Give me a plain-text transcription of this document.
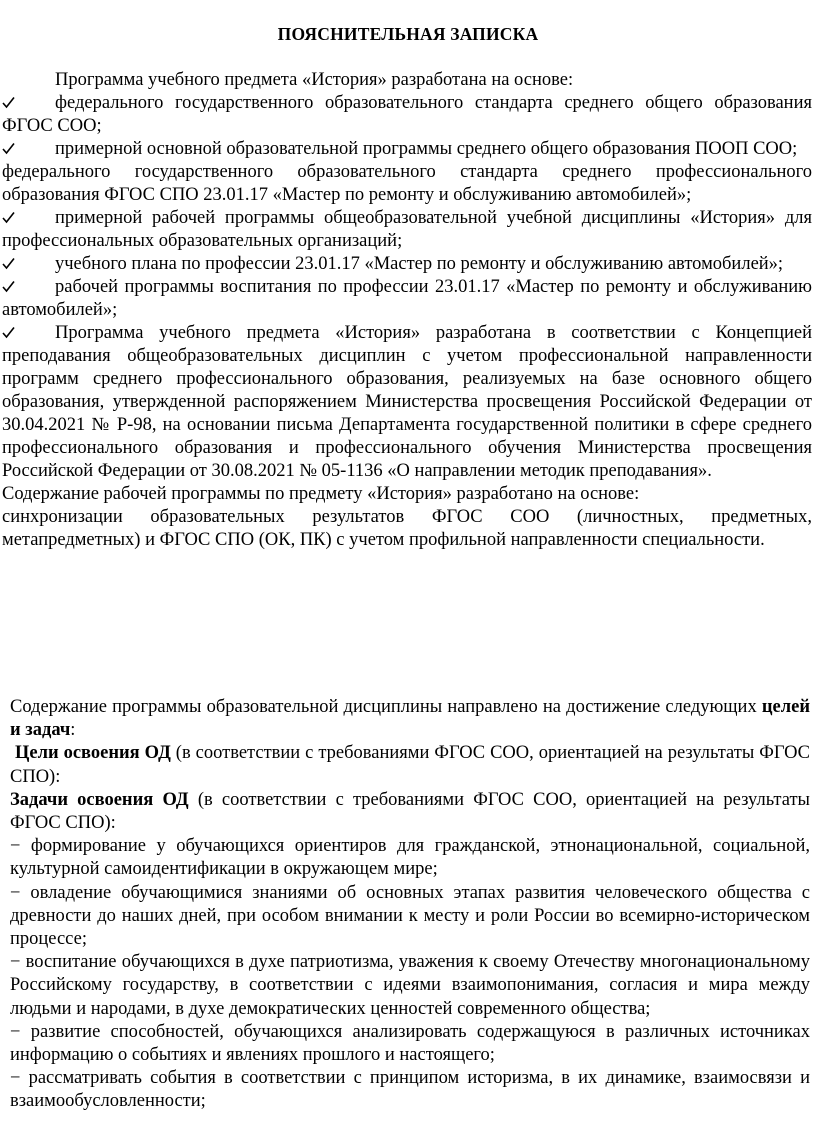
ПОЯСНИТЕЛЬНАЯ ЗАПИСКА

Программа учебного предмета «История» разработана на основе:

федерального государственного образовательного стандарта среднего общего образования ФГОС СОО;

примерной основной образовательной программы среднего общего образования ПООП СОО;

федерального государственного образовательного стандарта среднего профессионального образования ФГОС СПО 23.01.17 «Мастер по ремонту и обслуживанию автомобилей»;

примерной рабочей программы общеобразовательной учебной дисциплины «История» для профессиональных образовательных организаций;

учебного плана по профессии 23.01.17 «Мастер по ремонту и обслуживанию автомобилей»;

рабочей программы воспитания по профессии 23.01.17 «Мастер по ремонту и обслуживанию автомобилей»;

Программа учебного предмета «История» разработана в соответствии с Концепцией преподавания общеобразовательных дисциплин с учетом профессиональной направленности программ среднего профессионального образования, реализуемых на базе основного общего образования, утвержденной распоряжением Министерства просвещения Российской Федерации от 30.04.2021 № Р-98, на основании письма Департамента государственной политики в сфере среднего профессионального образования и профессионального обучения Министерства просвещения Российской Федерации от 30.08.2021 № 05-1136 «О направлении методик преподавания».

Содержание рабочей программы по предмету «История» разработано на основе:

синхронизации образовательных результатов ФГОС СОО (личностных, предметных, метапредметных) и ФГОС СПО (ОК, ПК) с учетом профильной направленности специальности.

Содержание программы образовательной дисциплины направлено на достижение следующих целей и задач:

Цели освоения ОД (в соответствии с требованиями ФГОС СОО, ориентацией на результаты ФГОС СПО):

Задачи освоения ОД (в соответствии с требованиями ФГОС СОО, ориентацией на результаты ФГОС СПО):

− формирование у обучающихся ориентиров для гражданской, этнонациональной, социальной, культурной самоидентификации в окружающем мире;

− овладение обучающимися знаниями об основных этапах развития человеческого общества с древности до наших дней, при особом внимании к месту и роли России во всемирно-историческом процессе;

− воспитание обучающихся в духе патриотизма, уважения к своему Отечеству многонациональному Российскому государству, в соответствии с идеями взаимопонимания, согласия и мира между людьми и народами, в духе демократических ценностей современного общества;

− развитие способностей, обучающихся анализировать содержащуюся в различных источниках информацию о событиях и явлениях прошлого и настоящего;

− рассматривать события в соответствии с принципом историзма, в их динамике, взаимосвязи и взаимообусловленности;
